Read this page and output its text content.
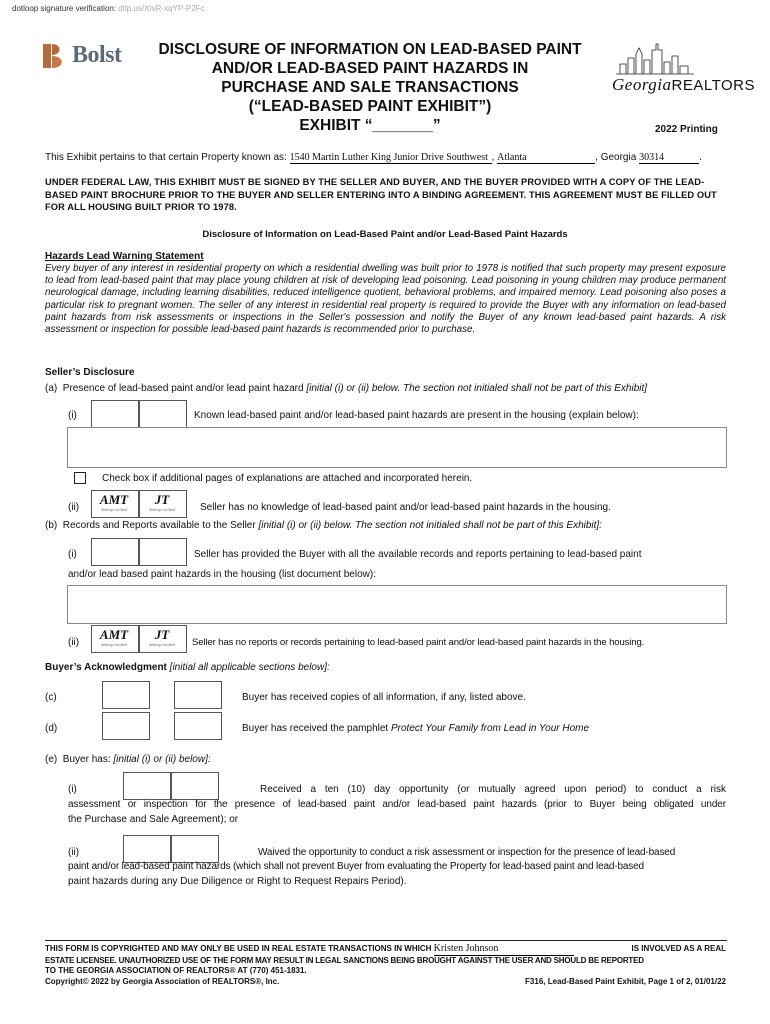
dotloop signature verification: dtlp.us/XtsR-xqYP-P2Fc
Bolst	DISCLOSURE OF INFORMATION ON LEAD-BASED PAINT
AND/OR LEAD-BASED PAINT HAZARDS IN
PURCHASE AND SALE TRANSACTIONS
(“LEAD-BASED PAINT EXHIBIT”)
EXHIBIT “_______”
GeorgiaREALTORS
2022 Printing
This Exhibit pertains to that certain Property known as: 1540 Martin Luther King Junior Drive Southwest , Atlanta	, Georgia 30314	.
UNDER FEDERAL LAW, THIS EXHIBIT MUST BE SIGNED BY THE SELLER AND BUYER, AND THE BUYER PROVIDED WITH A COPY OF THE LEAD-BASED PAINT BROCHURE PRIOR TO THE BUYER AND SELLER ENTERING INTO A BINDING AGREEMENT. THIS AGREEMENT MUST BE FILLED OUT FOR ALL HOUSING BUILT PRIOR TO 1978.
Disclosure of Information on Lead-Based Paint and/or Lead-Based Paint Hazards
Hazards Lead Warning Statement
Every buyer of any interest in residential property on which a residential dwelling was built prior to 1978 is notified that such property may present exposure to lead from lead-based paint that may place young children at risk of developing lead poisoning. Lead poisoning in young children may produce permanent neurological damage, including learning disabilities, reduced intelligence quotient, behavioral problems, and impaired memory. Lead poisoning also poses a particular risk to pregnant women. The seller of any interest in residential real property is required to provide the Buyer with any information on lead-based paint hazards from risk assessments or inspections in the Seller's possession and notify the Buyer of any known lead-based paint hazards. A risk assessment or inspection for possible lead-based paint hazards is recommended prior to purchase.
Seller’s Disclosure
(a) Presence of lead-based paint and/or lead paint hazard [initial (i) or (ii) below. The section not initialed shall not be part of this Exhibit]
(i)	Known lead-based paint and/or lead-based paint hazards are present in the housing (explain below):
Check box if additional pages of explanations are attached and incorporated herein.
(ii)
AMT
dotloop verified
JT
dotloop verified	Seller has no knowledge of lead-based paint and/or lead-based paint hazards in the housing.
(b) Records and Reports available to the Seller [initial (i) or (ii) below. The section not initialed shall not be part of this Exhibit]:
(i)	Seller has provided the Buyer with all the available records and reports pertaining to lead-based paint
and/or lead based paint hazards in the housing (list document below):
(ii)
AMT
dotloop verified
JT
dotloop verified	Seller has no reports or records pertaining to lead-based paint and/or lead-based paint hazards in the housing.
Buyer’s Acknowledgment [initial all applicable sections below]:
(c)	Buyer has received copies of all information, if any, listed above.
(d)	Buyer has received the pamphlet Protect Your Family from Lead in Your Home
(e) Buyer has: [initial (i) or (ii) below]:
(i)	Received a ten (10) day opportunity (or mutually agreed upon period) to conduct a risk
assessment or inspection for the presence of lead-based paint and/or lead-based paint hazards (prior to Buyer being obligated under
the Purchase and Sale Agreement); or
(ii)	Waived the opportunity to conduct a risk assessment or inspection for the presence of lead-based
paint and/or lead-based paint hazards (which shall not prevent Buyer from evaluating the Property for lead-based paint and lead-based
paint hazards during any Due Diligence or Right to Request Repairs Period).
THIS FORM IS COPYRIGHTED AND MAY ONLY BE USED IN REAL ESTATE TRANSACTIONS IN WHICH Kristen Johnson	IS INVOLVED AS A REAL
ESTATE LICENSEE. UNAUTHORIZED USE OF THE FORM MAY RESULT IN LEGAL SANCTIONS BEING BROUGHT AGAINST THE USER AND SHOULD BE REPORTED
TO THE GEORGIA ASSOCIATION OF REALTORS® AT (770) 451-1831.
Copyright© 2022 by Georgia Association of REALTORS®, Inc.	F316, Lead-Based Paint Exhibit, Page 1 of 2, 01/01/22
